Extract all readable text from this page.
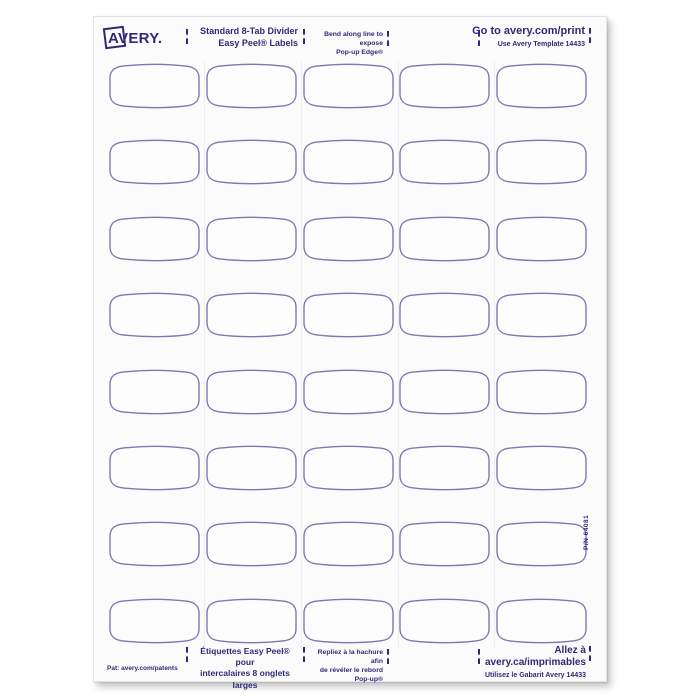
AVERY.	Standard 8-Tab Divider
Easy Peel® Labels
Bend along line to expose
Pop-up Edge®
Go to avery.com/print
Use Avery Template 14433
P/N 64081
Pat: avery.com/patents
Étiquettes Easy Peel® pour
intercalaires 8 onglets larges
Repliez à la hachure afin
de révéler le rebord Pop-up®
Allez à avery.ca/imprimables
Utilisez le Gabarit Avery 14433
